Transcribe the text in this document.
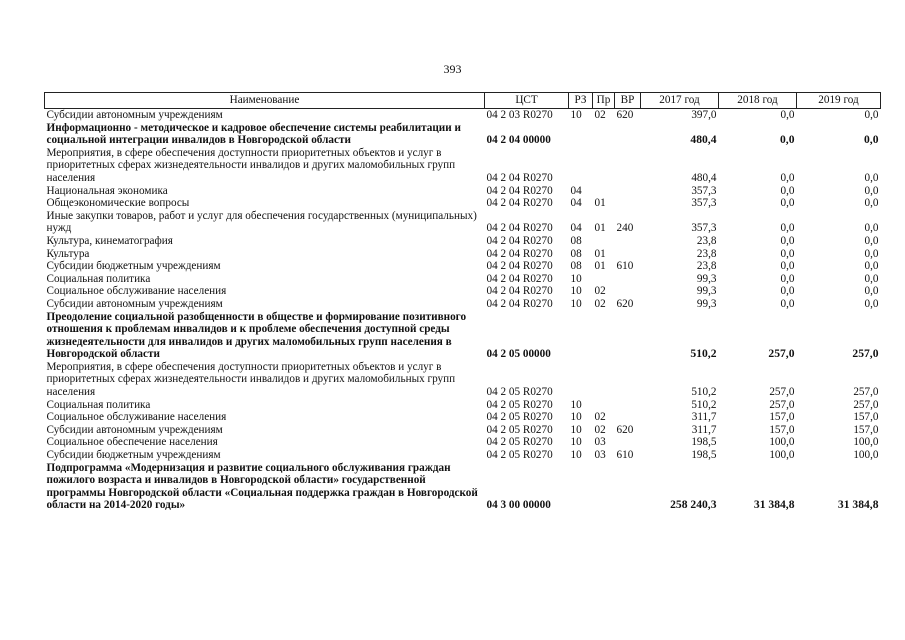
393
Наименование	ЦСТ	РЗ	Пр	ВР	2017 год	2018 год	2019 год
Субсидии автономным учреждениям	04 2 03 R0270	10	02	620	397,0	0,0	0,0
Информационно - методическое и кадровое обеспечение системы реабилитации и социальной интеграции инвалидов в Новгородской области	04 2 04 00000				480,4	0,0	0,0
Мероприятия, в сфере обеспечения доступности приоритетных объектов и услуг в приоритетных сферах жизнедеятельности инвалидов и других маломобильных групп населения	04 2 04 R0270				480,4	0,0	0,0
Национальная экономика	04 2 04 R0270	04			357,3	0,0	0,0
Общеэкономические вопросы	04 2 04 R0270	04	01		357,3	0,0	0,0
Иные закупки товаров, работ и услуг для обеспечения государственных (муниципальных) нужд	04 2 04 R0270	04	01	240	357,3	0,0	0,0
Культура, кинематография	04 2 04 R0270	08			23,8	0,0	0,0
Культура	04 2 04 R0270	08	01		23,8	0,0	0,0
Субсидии бюджетным учреждениям	04 2 04 R0270	08	01	610	23,8	0,0	0,0
Социальная политика	04 2 04 R0270	10			99,3	0,0	0,0
Социальное обслуживание населения	04 2 04 R0270	10	02		99,3	0,0	0,0
Субсидии автономным учреждениям	04 2 04 R0270	10	02	620	99,3	0,0	0,0
Преодоление социальной разобщенности в обществе и формирование позитивного отношения к проблемам инвалидов и к проблеме обеспечения доступной среды жизнедеятельности для инвалидов и других маломобильных групп населения в Новгородской области	04 2 05 00000				510,2	257,0	257,0
Мероприятия, в сфере обеспечения доступности приоритетных объектов и услуг в приоритетных сферах жизнедеятельности инвалидов и других маломобильных групп населения	04 2 05 R0270				510,2	257,0	257,0
Социальная политика	04 2 05 R0270	10			510,2	257,0	257,0
Социальное обслуживание населения	04 2 05 R0270	10	02		311,7	157,0	157,0
Субсидии автономным учреждениям	04 2 05 R0270	10	02	620	311,7	157,0	157,0
Социальное обеспечение населения	04 2 05 R0270	10	03		198,5	100,0	100,0
Субсидии бюджетным учреждениям	04 2 05 R0270	10	03	610	198,5	100,0	100,0
Подпрограмма «Модернизация и развитие социального обслуживания граждан пожилого возраста и инвалидов в Новгородской области» государственной программы Новгородской области «Социальная поддержка граждан в Новгородской области на 2014-2020 годы»	04 3 00 00000				258 240,3	31 384,8	31 384,8
